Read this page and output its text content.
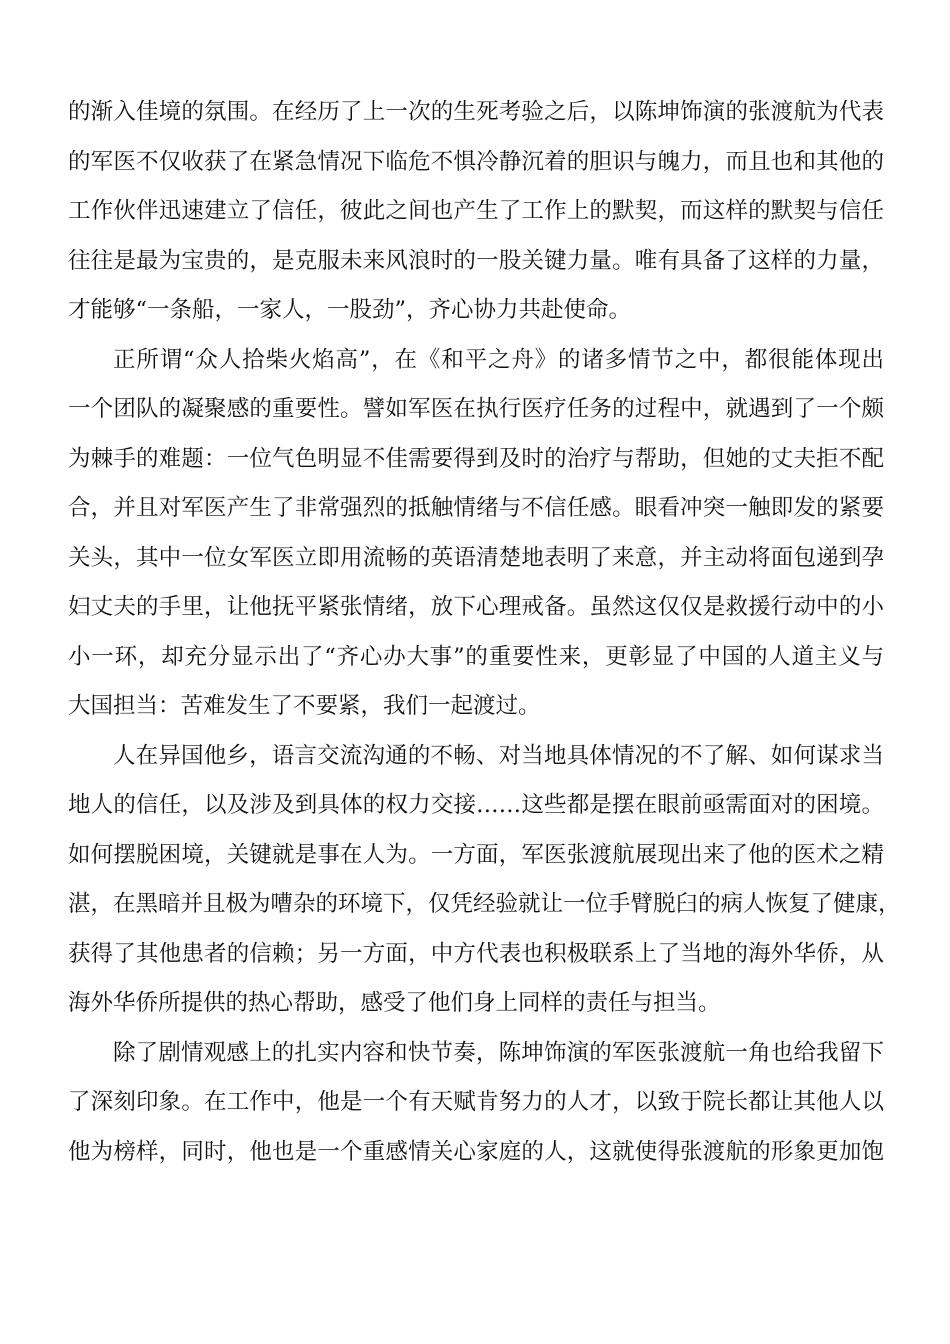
的渐入佳境的氛围。在经历了上一次的生死考验之后，以陈坤饰演的张渡航为代表
的军医不仅收获了在紧急情况下临危不惧冷静沉着的胆识与魄力，而且也和其他的
工作伙伴迅速建立了信任，彼此之间也产生了工作上的默契，而这样的默契与信任
往往是最为宝贵的，是克服未来风浪时的一股关键力量。唯有具备了这样的力量，
才能够“一条船，一家人，一股劲”，齐心协力共赴使命。
正所谓“众人拾柴火焰高”，在《和平之舟》的诸多情节之中，都很能体现出
一个团队的凝聚感的重要性。譬如军医在执行医疗任务的过程中，就遇到了一个颇
为棘手的难题：一位气色明显不佳需要得到及时的治疗与帮助，但她的丈夫拒不配
合，并且对军医产生了非常强烈的抵触情绪与不信任感。眼看冲突一触即发的紧要
关头，其中一位女军医立即用流畅的英语清楚地表明了来意，并主动将面包递到孕
妇丈夫的手里，让他抚平紧张情绪，放下心理戒备。虽然这仅仅是救援行动中的小
小一环，却充分显示出了“齐心办大事”的重要性来，更彰显了中国的人道主义与
大国担当：苦难发生了不要紧，我们一起渡过。
人在异国他乡，语言交流沟通的不畅、对当地具体情况的不了解、如何谋求当
地人的信任，以及涉及到具体的权力交接……这些都是摆在眼前亟需面对的困境。
如何摆脱困境，关键就是事在人为。一方面，军医张渡航展现出来了他的医术之精
湛，在黑暗并且极为嘈杂的环境下，仅凭经验就让一位手臂脱臼的病人恢复了健康，
获得了其他患者的信赖；另一方面，中方代表也积极联系上了当地的海外华侨，从
海外华侨所提供的热心帮助，感受了他们身上同样的责任与担当。
除了剧情观感上的扎实内容和快节奏，陈坤饰演的军医张渡航一角也给我留下
了深刻印象。在工作中，他是一个有天赋肯努力的人才，以致于院长都让其他人以
他为榜样，同时，他也是一个重感情关心家庭的人，这就使得张渡航的形象更加饱
